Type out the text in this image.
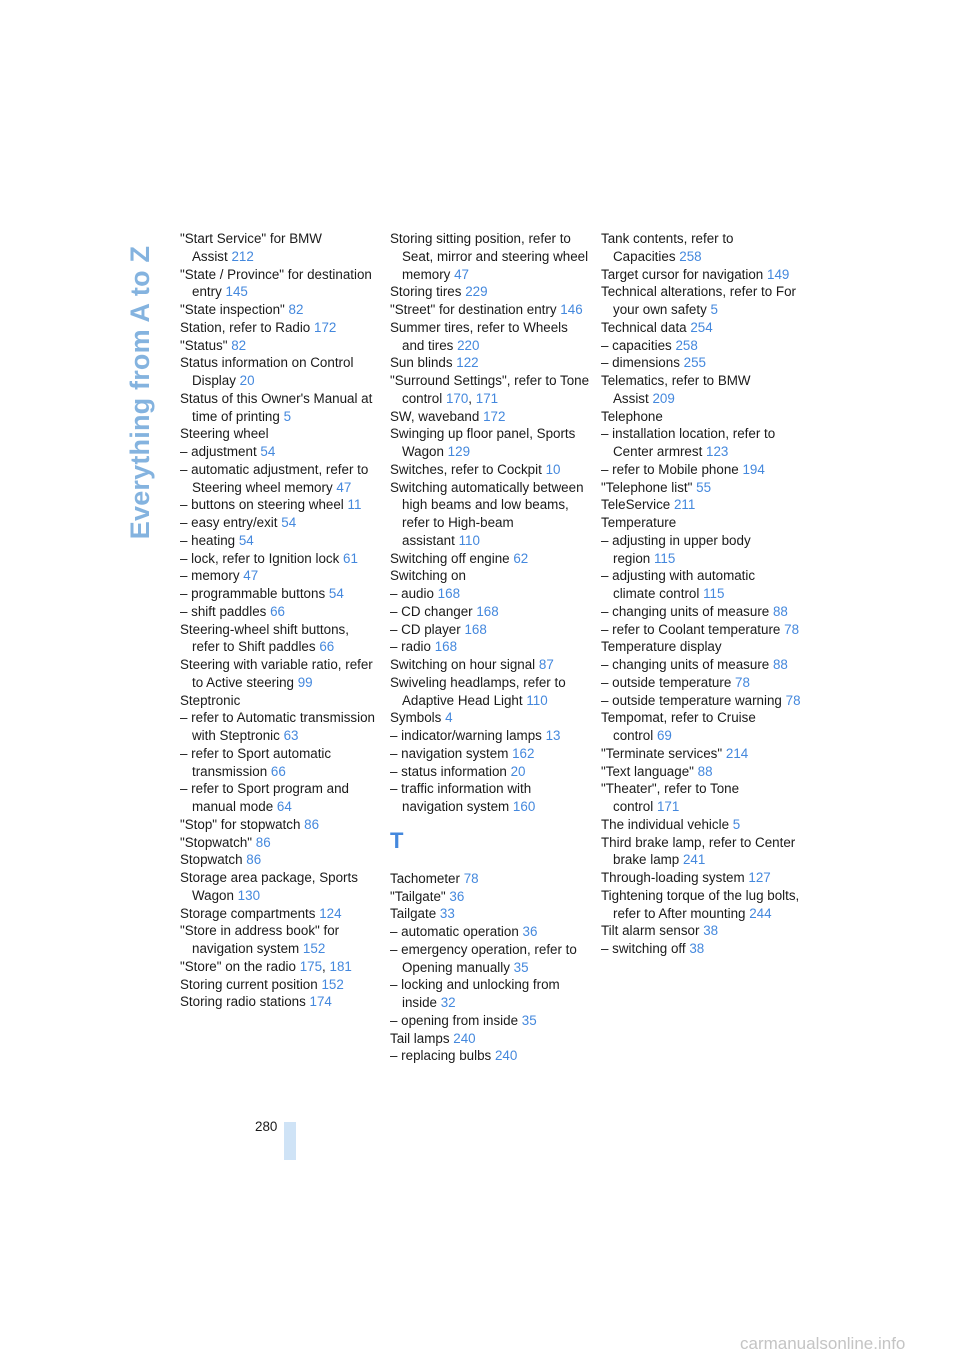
Everything from A to Z
"Start Service" for BMW Assist 212
"State / Province" for destination entry 145
"State inspection" 82
Station, refer to Radio 172
"Status" 82
Status information on Control Display 20
Status of this Owner's Manual at time of printing 5
Steering wheel
– adjustment 54
– automatic adjustment, refer to Steering wheel memory 47
– buttons on steering wheel 11
– easy entry/exit 54
– heating 54
– lock, refer to Ignition lock 61
– memory 47
– programmable buttons 54
– shift paddles 66
Steering-wheel shift buttons, refer to Shift paddles 66
Steering with variable ratio, refer to Active steering 99
Steptronic
– refer to Automatic transmission with Steptronic 63
– refer to Sport automatic transmission 66
– refer to Sport program and manual mode 64
"Stop" for stopwatch 86
"Stopwatch" 86
Stopwatch 86
Storage area package, Sports Wagon 130
Storage compartments 124
"Store in address book" for navigation system 152
"Store" on the radio 175, 181
Storing current position 152
Storing radio stations 174
Storing sitting position, refer to Seat, mirror and steering wheel memory 47
Storing tires 229
"Street" for destination entry 146
Summer tires, refer to Wheels and tires 220
Sun blinds 122
"Surround Settings", refer to Tone control 170, 171
SW, waveband 172
Swinging up floor panel, Sports Wagon 129
Switches, refer to Cockpit 10
Switching automatically between high beams and low beams, refer to High-beam assistant 110
Switching off engine 62
Switching on
– audio 168
– CD changer 168
– CD player 168
– radio 168
Switching on hour signal 87
Swiveling headlamps, refer to Adaptive Head Light 110
Symbols 4
– indicator/warning lamps 13
– navigation system 162
– status information 20
– traffic information with navigation system 160
T
Tachometer 78
"Tailgate" 36
Tailgate 33
– automatic operation 36
– emergency operation, refer to Opening manually 35
– locking and unlocking from inside 32
– opening from inside 35
Tail lamps 240
– replacing bulbs 240
Tank contents, refer to Capacities 258
Target cursor for navigation 149
Technical alterations, refer to For your own safety 5
Technical data 254
– capacities 258
– dimensions 255
Telematics, refer to BMW Assist 209
Telephone
– installation location, refer to Center armrest 123
– refer to Mobile phone 194
"Telephone list" 55
TeleService 211
Temperature
– adjusting in upper body region 115
– adjusting with automatic climate control 115
– changing units of measure 88
– refer to Coolant temperature 78
Temperature display
– changing units of measure 88
– outside temperature 78
– outside temperature warning 78
Tempomat, refer to Cruise control 69
"Terminate services" 214
"Text language" 88
"Theater", refer to Tone control 171
The individual vehicle 5
Third brake lamp, refer to Center brake lamp 241
Through-loading system 127
Tightening torque of the lug bolts, refer to After mounting 244
Tilt alarm sensor 38
– switching off 38
280
carmanualsonline.info
